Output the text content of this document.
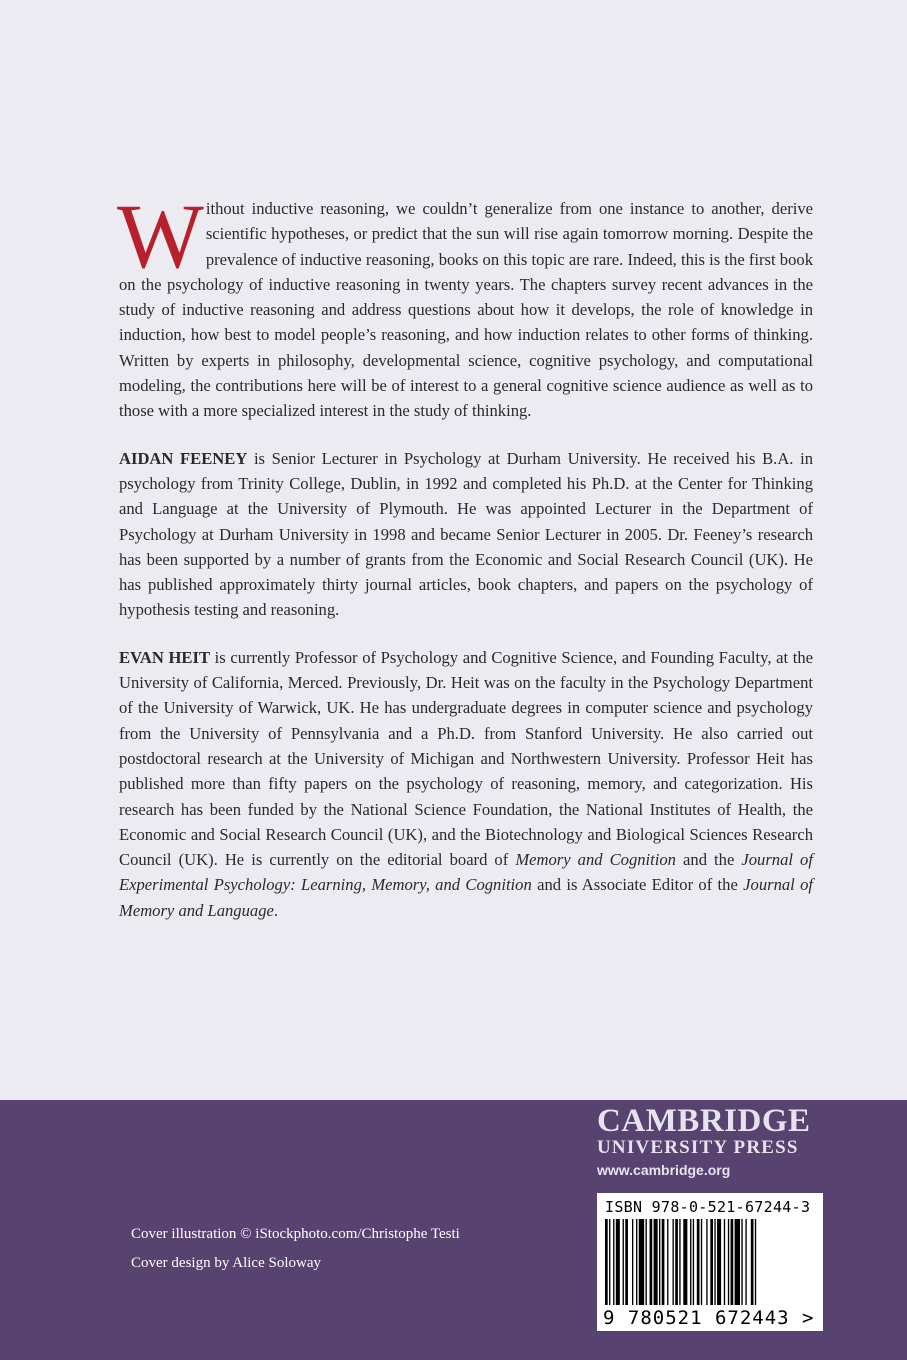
Without inductive reasoning, we couldn’t generalize from one instance to another, derive scientific hypotheses, or predict that the sun will rise again tomorrow morning. Despite the prevalence of inductive reasoning, books on this topic are rare. Indeed, this is the first book on the psychology of inductive reasoning in twenty years. The chapters survey recent advances in the study of inductive reasoning and address questions about how it develops, the role of knowledge in induction, how best to model people’s reasoning, and how induction relates to other forms of thinking. Written by experts in philosophy, developmental science, cognitive psychology, and computational modeling, the contributions here will be of interest to a general cognitive science audience as well as to those with a more specialized interest in the study of thinking.

AIDAN FEENEY is Senior Lecturer in Psychology at Durham University. He received his B.A. in psychology from Trinity College, Dublin, in 1992 and completed his Ph.D. at the Center for Thinking and Language at the University of Plymouth. He was appointed Lecturer in the Department of Psychology at Durham University in 1998 and became Senior Lecturer in 2005. Dr. Feeney’s research has been supported by a number of grants from the Economic and Social Research Council (UK). He has published approximately thirty journal articles, book chapters, and papers on the psychology of hypothesis testing and reasoning.

EVAN HEIT is currently Professor of Psychology and Cognitive Science, and Founding Faculty, at the University of California, Merced. Previously, Dr. Heit was on the faculty in the Psychology Department of the University of Warwick, UK. He has undergraduate degrees in computer science and psychology from the University of Pennsylvania and a Ph.D. from Stanford University. He also carried out postdoctoral research at the University of Michigan and Northwestern University. Professor Heit has published more than fifty papers on the psychology of reasoning, memory, and categorization. His research has been funded by the National Science Foundation, the National Institutes of Health, the Economic and Social Research Council (UK), and the Biotechnology and Biological Sciences Research Council (UK). He is currently on the editorial board of Memory and Cognition and the Journal of Experimental Psychology: Learning, Memory, and Cognition and is Associate Editor of the Journal of Memory and Language.

Cover illustration © iStockphoto.com/Christophe Testi
Cover design by Alice Soloway
CAMBRIDGE
UNIVERSITY PRESS
www.cambridge.org
ISBN 978-0-521-67244-3
9 780521 672443 >
